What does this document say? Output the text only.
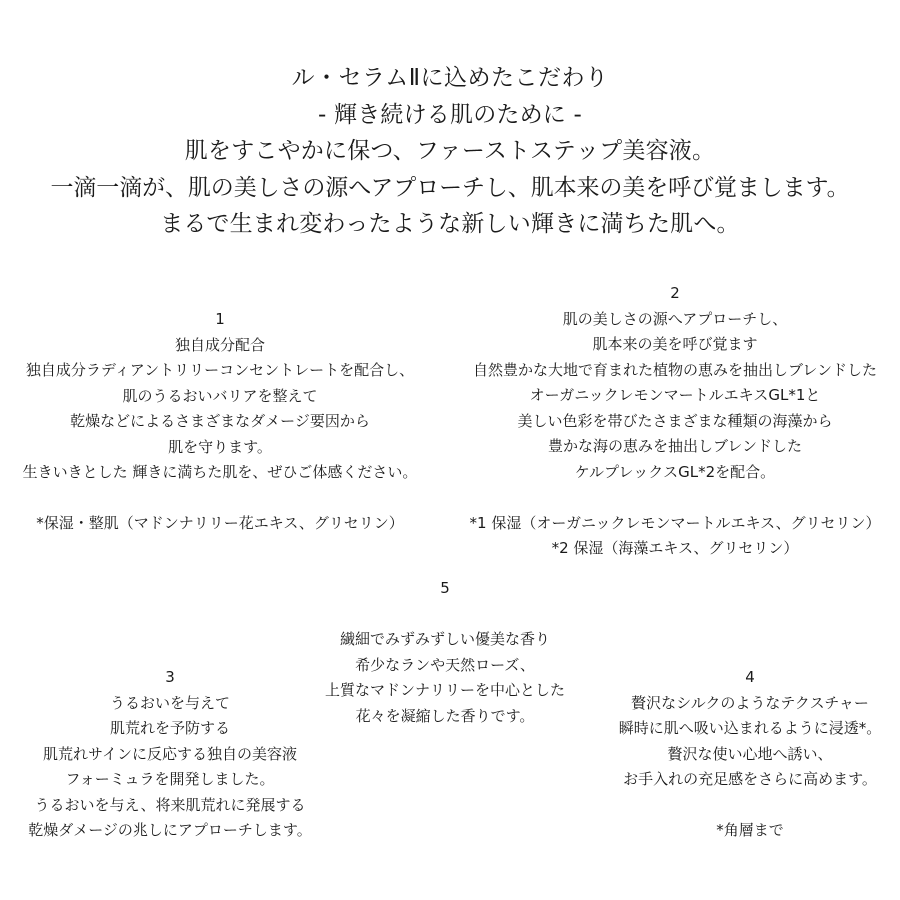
ル・セラムⅡに込めたこだわり
- 輝き続ける肌のために -
肌をすこやかに保つ、ファーストステップ美容液。
一滴一滴が、肌の美しさの源へアプローチし、肌本来の美を呼び覚まします。
まるで生まれ変わったような新しい輝きに満ちた肌へ。
1
独自成分配合
独自成分ラディアントリリーコンセントレートを配合し、
肌のうるおいバリアを整えて
乾燥などによるさまざまなダメージ要因から
肌を守ります。
生きいきとした 輝きに満ちた肌を、ぜひご体感ください。
*保湿・整肌（マドンナリリー花エキス、グリセリン）
2
肌の美しさの源へアプローチし、
肌本来の美を呼び覚ます
自然豊かな大地で育まれた植物の恵みを抽出しブレンドした
オーガニックレモンマートルエキスGL*1と
美しい色彩を帯びたさまざまな種類の海藻から
豊かな海の恵みを抽出しブレンドした
ケルプレックスGL*2を配合。
*1 保湿（オーガニックレモンマートルエキス、グリセリン）
*2 保湿（海藻エキス、グリセリン）
5
繊細でみずみずしい優美な香り
希少なランや天然ローズ、
上質なマドンナリリーを中心とした
花々を凝縮した香りです。
3
うるおいを与えて
肌荒れを予防する
肌荒れサインに反応する独自の美容液
フォーミュラを開発しました。
うるおいを与え、将来肌荒れに発展する
乾燥ダメージの兆しにアプローチします。
4
贅沢なシルクのようなテクスチャー
瞬時に肌へ吸い込まれるように浸透*。
贅沢な使い心地へ誘い、
お手入れの充足感をさらに高めます。
*角層まで
